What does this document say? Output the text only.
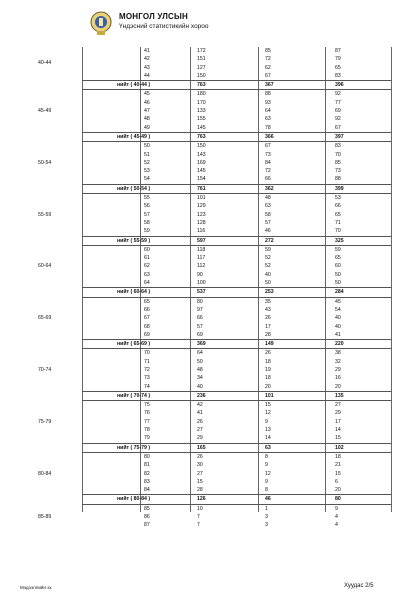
МОНГОЛ УЛСЫН
Үндэсний статистикийн хороо
40-44
41	172	85	87
42	151	72	79
43	127	62	65
44	150	67	83
нийт ( 40-44 )	763	367	396
45-49
45	180	88	92
46	170	93	77
47	133	64	69
48	155	63	92
49	145	78	67
нийт ( 45-49 )	763	366	397
50-54
50	150	67	83
51	143	73	70
52	169	84	85
53	145	72	73
54	154	66	88
нийт ( 50-54 )	761	362	399
55-59
55	101	48	53
56	129	63	66
57	123	58	65
58	128	57	71
59	116	46	70
нийт ( 55-59 )	597	272	325
60-64
60	118	59	59
61	117	52	65
62	112	52	60
63	90	40	50
64	100	50	50
нийт ( 60-64 )	537	253	284
65-69
65	80	35	45
66	97	43	54
67	66	26	40
68	57	17	40
69	69	28	41
нийт ( 65-69 )	369	149	220
70-74
70	64	26	38
71	50	18	32
72	48	19	29
73	34	18	16
74	40	20	20
нийт ( 70-74 )	236	101	135
75-79
75	42	15	27
76	41	12	29
77	26	9	17
78	27	13	14
79	29	14	15
нийт ( 75-79 )	165	63	102
80-84
80	26	8	18
81	30	9	21
82	27	12	15
83	15	9	6
84	28	8	20
нийт ( 80-84 )	126	46	80
85-89
85	10	1	9
86	7	3	4
87	7	3	4
Мэдээллийн эх	Хуудас 2/5
